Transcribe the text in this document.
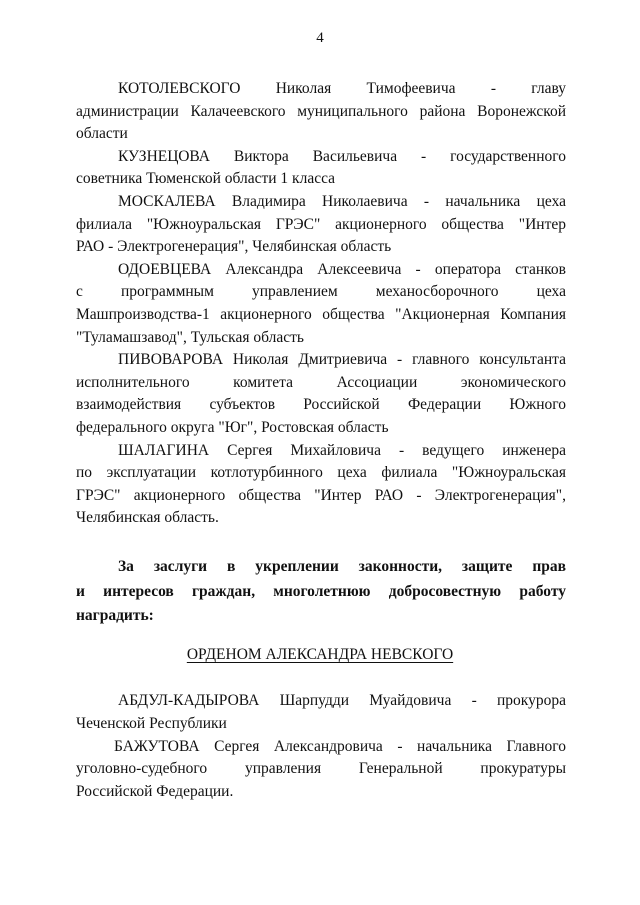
4
КОТОЛЕВСКОГО Николая Тимофеевича - главу
администрации Калачеевского муниципального района Воронежской
области
КУЗНЕЦОВА Виктора Васильевича - государственного
советника Тюменской области 1 класса
МОСКАЛЕВА Владимира Николаевича - начальника цеха
филиала "Южноуральская ГРЭС" акционерного общества "Интер
РАО - Электрогенерация", Челябинская область
ОДОЕВЦЕВА Александра Алексеевича - оператора станков
с программным управлением механосборочного цеха
Машпроизводства-1 акционерного общества "Акционерная Компания
"Туламашзавод", Тульская область
ПИВОВАРОВА Николая Дмитриевича - главного консультанта
исполнительного комитета Ассоциации экономического
взаимодействия субъектов Российской Федерации Южного
федерального округа "Юг", Ростовская область
ШАЛАГИНА Сергея Михайловича - ведущего инженера
по эксплуатации котлотурбинного цеха филиала "Южноуральская
ГРЭС" акционерного общества "Интер РАО - Электрогенерация",
Челябинская область.
За заслуги в укреплении законности, защите прав
и интересов граждан, многолетнюю добросовестную работу
наградить:
ОРДЕНОМ АЛЕКСАНДРА НЕВСКОГО
АБДУЛ-КАДЫРОВА Шарпудди Муайдовича - прокурора
Чеченской Республики
БАЖУТОВА Сергея Александровича - начальника Главного
уголовно-судебного управления Генеральной прокуратуры
Российской Федерации.
